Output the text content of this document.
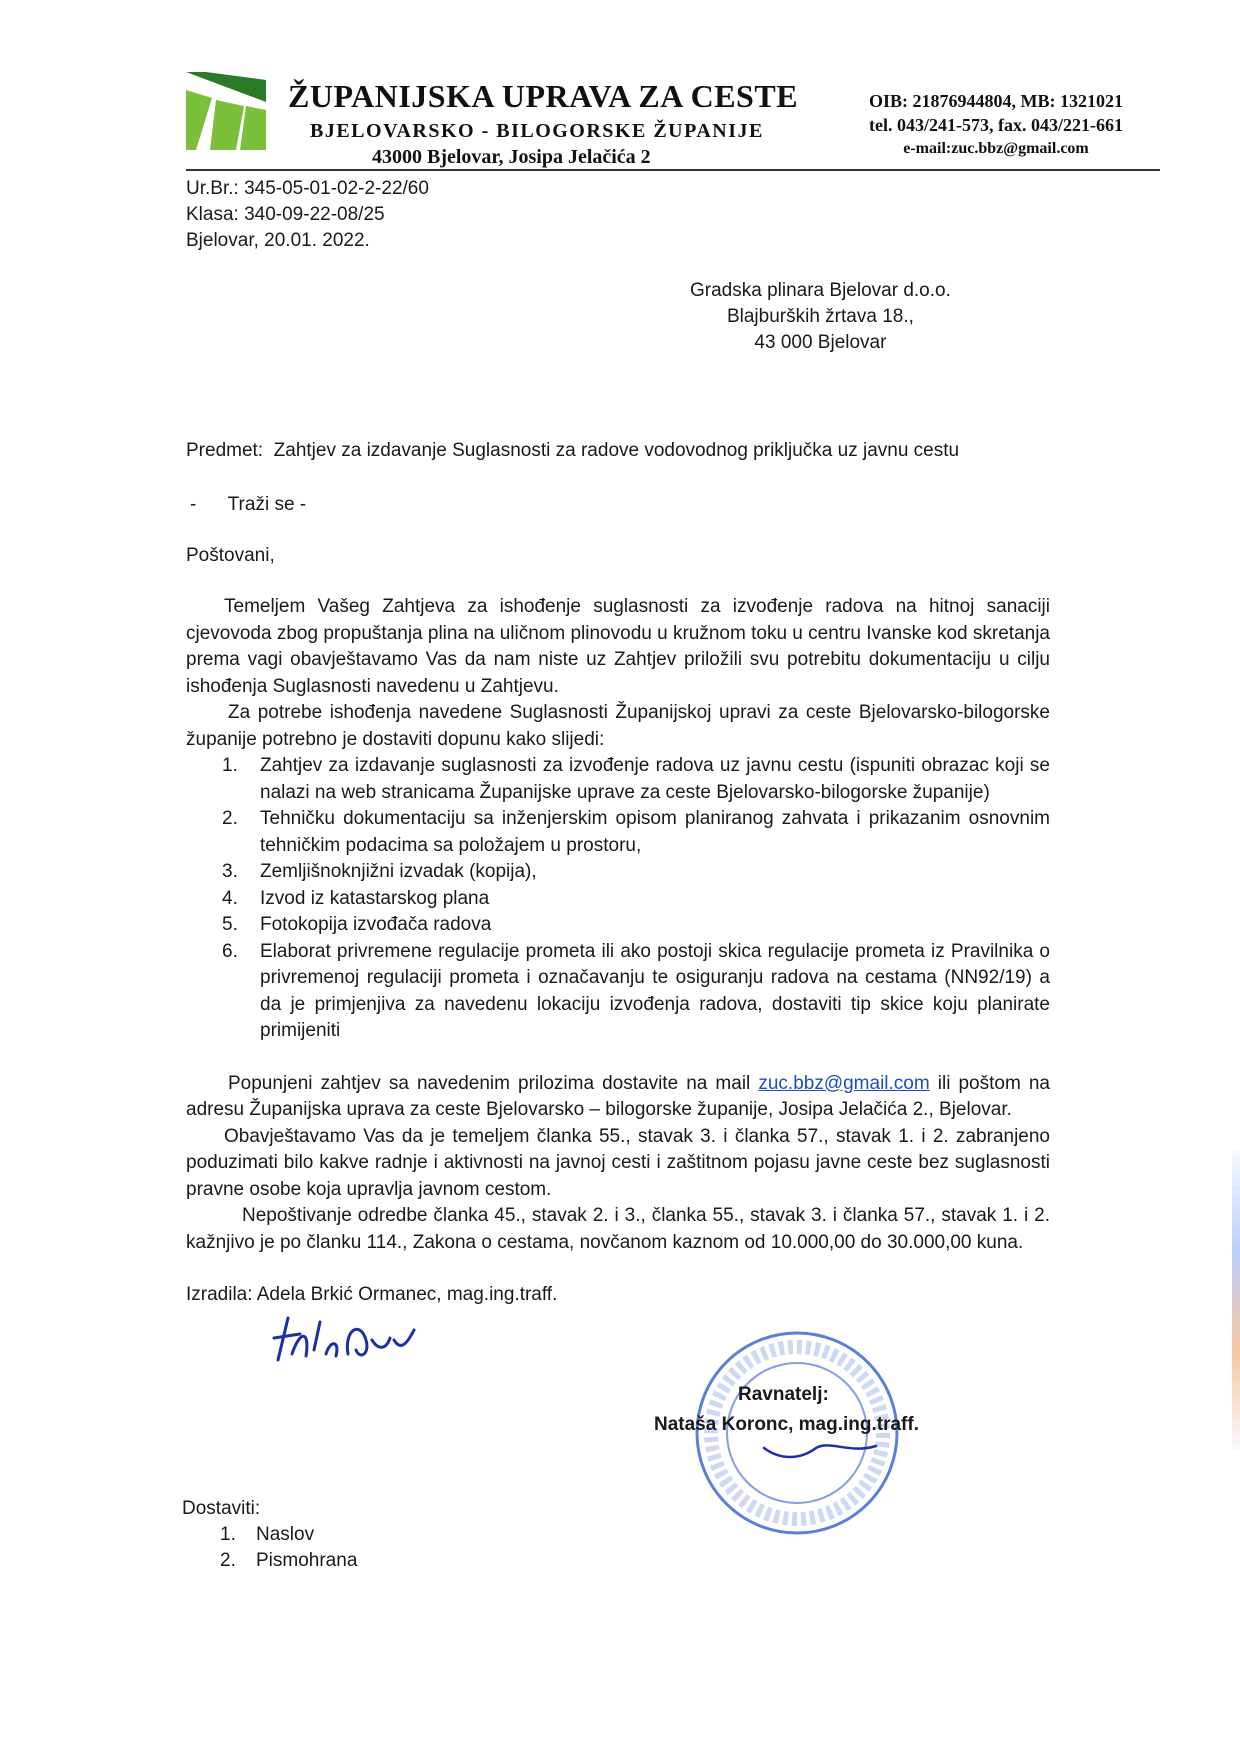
ŽUPANIJSKA UPRAVA ZA CESTE
BJELOVARSKO - BILOGORSKE ŽUPANIJE
43000 Bjelovar, Josipa Jelačića 2
OIB: 21876944804, MB: 1321021
tel. 043/241-573, fax. 043/221-661
e-mail:zuc.bbz@gmail.com
Ur.Br.: 345-05-01-02-2-22/60
Klasa: 340-09-22-08/25
Bjelovar, 20.01. 2022.
Gradska plinara Bjelovar d.o.o.
Blajburških žrtava 18.,
43 000 Bjelovar
Predmet:  Zahtjev za izdavanje Suglasnosti za radove vodovodnog priključka uz javnu cestu
-      Traži se -
Poštovani,

Temeljem Vašeg Zahtjeva za ishođenje suglasnosti za izvođenje radova na hitnoj sanaciji cjevovoda zbog propuštanja plina na uličnom plinovodu u kružnom toku u centru Ivanske kod skretanja prema vagi obavještavamo Vas da nam niste uz Zahtjev priložili svu potrebitu dokumentaciju u cilju ishođenja Suglasnosti navedenu u Zahtjevu.

Za potrebe ishođenja navedene Suglasnosti Županijskoj upravi za ceste Bjelovarsko-bilogorske županije potrebno je dostaviti dopunu kako slijedi:

1. Zahtjev za izdavanje suglasnosti za izvođenje radova uz javnu cestu (ispuniti obrazac koji se nalazi na web stranicama Županijske uprave za ceste Bjelovarsko-bilogorske županije)
2. Tehničku dokumentaciju sa inženjerskim opisom planiranog zahvata i prikazanim osnovnim tehničkim podacima sa položajem u prostoru,
3. Zemljišnoknjižni izvadak (kopija),
4. Izvod iz katastarskog plana
5. Fotokopija izvođača radova
6. Elaborat privremene regulacije prometa ili ako postoji skica regulacije prometa iz Pravilnika o privremenoj regulaciji prometa i označavanju te osiguranju radova na cestama (NN92/19) a da je primjenjiva za navedenu lokaciju izvođenja radova, dostaviti tip skice koju planirate primijeniti

Popunjeni zahtjev sa navedenim prilozima dostavite na mail zuc.bbz@gmail.com ili poštom na adresu Županijska uprava za ceste Bjelovarsko – bilogorske županije, Josipa Jelačića 2., Bjelovar.

Obavještavamo Vas da je temeljem članka 55., stavak 3. i članka 57., stavak 1. i 2. zabranjeno poduzimati bilo kakve radnje i aktivnosti na javnoj cesti i zaštitnom pojasu javne ceste bez suglasnosti pravne osobe koja upravlja javnom cestom.

Nepoštivanje odredbe članka 45., stavak 2. i 3., članka 55., stavak 3. i članka 57., stavak 1. i 2. kažnjivo je po članku 114., Zakona o cestama, novčanom kaznom od 10.000,00 do 30.000,00 kuna.

Izradila: Adela Brkić Ormanec, mag.ing.traff.
Ravnatelj:
Nataša Koronc, mag.ing.traff.
Dostaviti:
1. Naslov
2. Pismohrana
